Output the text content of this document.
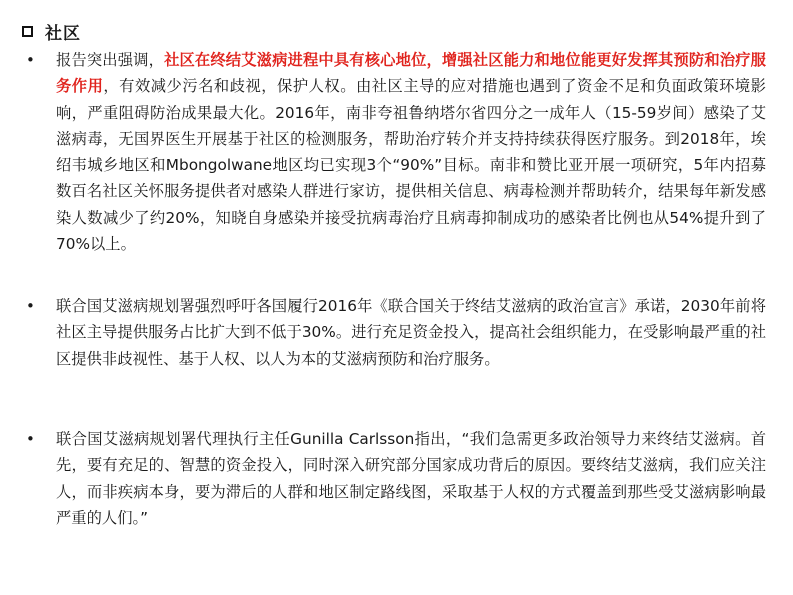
社区
• 报告突出强调，社区在终结艾滋病进程中具有核心地位，增强社区能力和地位能更好发挥其预防和治疗服务作用，有效减少污名和歧视，保护人权。由社区主导的应对措施也遇到了资金不足和负面政策环境影响，严重阻碍防治成果最大化。2016年，南非夸祖鲁纳塔尔省四分之一成年人（15-59岁间）感染了艾滋病毒，无国界医生开展基于社区的检测服务，帮助治疗转介并支持持续获得医疗服务。到2018年，埃绍韦城乡地区和Mbongolwane地区均已实现3个“90%”目标。南非和赞比亚开展一项研究，5年内招募数百名社区关怀服务提供者对感染人群进行家访，提供相关信息、病毒检测并帮助转介，结果每年新发感染人数减少了约20%，知晓自身感染并接受抗病毒治疗且病毒抑制成功的感染者比例也从54%提升到了70%以上。
• 联合国艾滋病规划署强烈呼吁各国履行2016年《联合国关于终结艾滋病的政治宣言》承诺，2030年前将社区主导提供服务占比扩大到不低于30%。进行充足资金投入，提高社会组织能力，在受影响最严重的社区提供非歧视性、基于人权、以人为本的艾滋病预防和治疗服务。
• 联合国艾滋病规划署代理执行主任Gunilla Carlsson指出，“我们急需更多政治领导力来终结艾滋病。首先，要有充足的、智慧的资金投入，同时深入研究部分国家成功背后的原因。要终结艾滋病，我们应关注人，而非疾病本身，要为滞后的人群和地区制定路线图，采取基于人权的方式覆盖到那些受艾滋病影响最严重的人们。”
